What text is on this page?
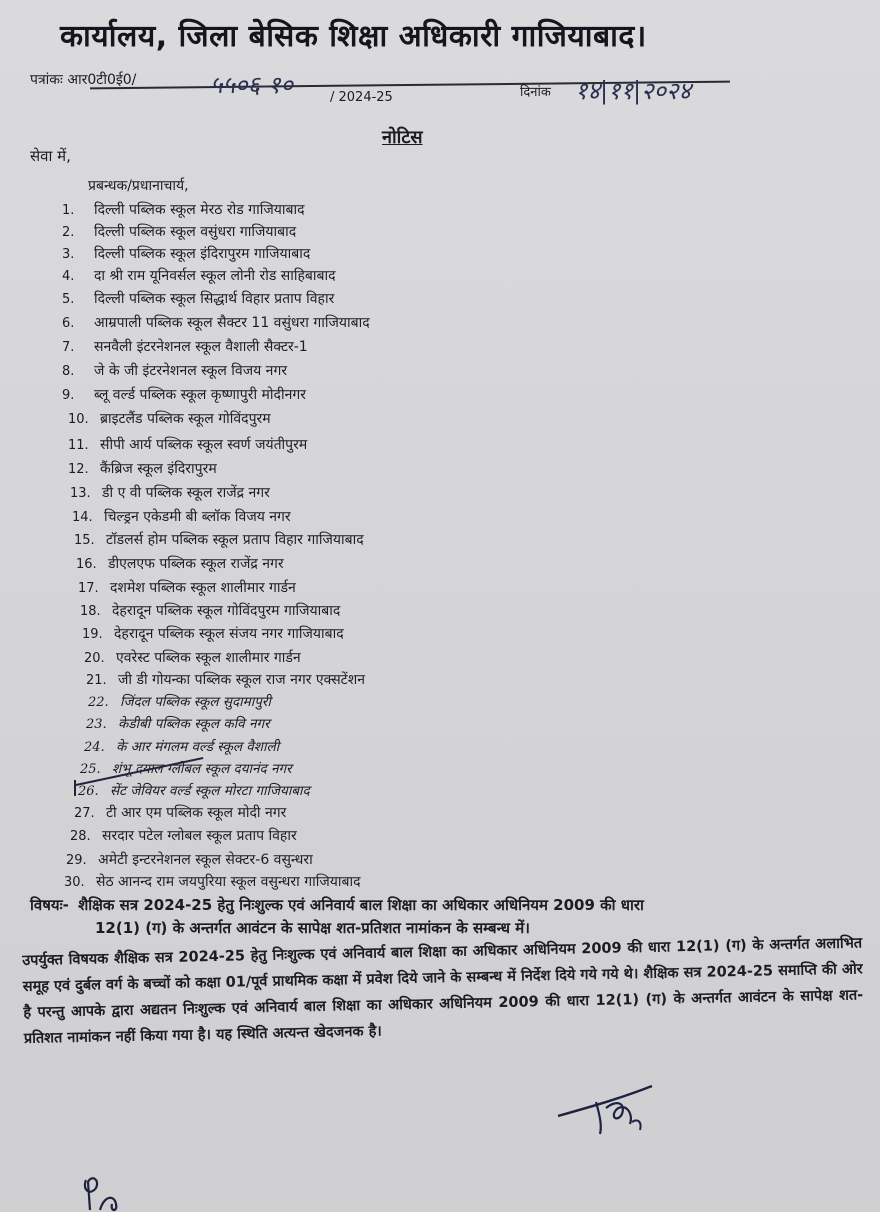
कार्यालय, जिला बेसिक शिक्षा अधिकारी गाजियाबाद।
पत्रांकः आर0टी0ई0/	५५०६-१०	/ 2024-25	दिनांक १४|११|२०२४
नोटिस
सेवा में,
प्रबन्धक/प्रधानाचार्य,
1. दिल्ली पब्लिक स्कूल मेरठ रोड गाजियाबाद
2. दिल्ली पब्लिक स्कूल वसुंधरा गाजियाबाद
3. दिल्ली पब्लिक स्कूल इंदिरापुरम गाजियाबाद
4. दा श्री राम यूनिवर्सल स्कूल लोनी रोड साहिबाबाद
5. दिल्ली पब्लिक स्कूल सिद्धार्थ विहार प्रताप विहार
6. आम्रपाली पब्लिक स्कूल सैक्टर 11 वसुंधरा गाजियाबाद
7. सनवैली इंटरनेशनल स्कूल वैशाली सैक्टर-1
8. जे के जी इंटरनेशनल स्कूल विजय नगर
9. ब्लू वर्ल्ड पब्लिक स्कूल कृष्णापुरी मोदीनगर
10. ब्राइटलैंड पब्लिक स्कूल गोविंदपुरम
11. सीपी आर्य पब्लिक स्कूल स्वर्ण जयंतीपुरम
12. कैंब्रिज स्कूल इंदिरापुरम
13. डी ए वी पब्लिक स्कूल राजेंद्र नगर
14. चिल्ड्रन एकेडमी बी ब्लॉक विजय नगर
15. टॉडलर्स होम पब्लिक स्कूल प्रताप विहार गाजियाबाद
16. डीएलएफ पब्लिक स्कूल राजेंद्र नगर
17. दशमेश पब्लिक स्कूल शालीमार गार्डन
18. देहरादून पब्लिक स्कूल गोविंदपुरम गाजियाबाद
19. देहरादून पब्लिक स्कूल संजय नगर गाजियाबाद
20. एवरेस्ट पब्लिक स्कूल शालीमार गार्डन
21. जी डी गोयन्का पब्लिक स्कूल राज नगर एक्सटेंशन
22. जिंदल पब्लिक स्कूल सुदामापुरी
23. केडीबी पब्लिक स्कूल कवि नगर
24. के आर मंगलम वर्ल्ड स्कूल वैशाली
25. शंभू दयाल ग्लोबल स्कूल दयानंद नगर
26. सेंट जेवियर वर्ल्ड स्कूल मोरटा गाजियाबाद
27. टी आर एम पब्लिक स्कूल मोदी नगर
28. सरदार पटेल ग्लोबल स्कूल प्रताप विहार
29. अमेटी इन्टरनेशनल स्कूल सेक्टर-6 वसुन्धरा
30. सेठ आनन्द राम जयपुरिया स्कूल वसुन्धरा गाजियाबाद
विषयः- शैक्षिक सत्र 2024-25 हेतु निःशुल्क एवं अनिवार्य बाल शिक्षा का अधिकार अधिनियम 2009 की धारा
12(1) (ग) के अन्तर्गत आवंटन के सापेक्ष शत-प्रतिशत नामांकन के सम्बन्ध में।
उपर्युक्त विषयक शैक्षिक सत्र 2024-25 हेतु निःशुल्क एवं अनिवार्य बाल शिक्षा का अधिकार अधिनियम 2009 की धारा 12(1) (ग) के अन्तर्गत अलाभित समूह एवं दुर्बल वर्ग के बच्चों को कक्षा 01/पूर्व प्राथमिक कक्षा में प्रवेश दिये जाने के सम्बन्ध में निर्देश दिये गये गये थे। शैक्षिक सत्र 2024-25 समाप्ति की ओर है परन्तु आपके द्वारा अद्यतन निःशुल्क एवं अनिवार्य बाल शिक्षा का अधिकार अधिनियम 2009 की धारा 12(1) (ग) के अन्तर्गत आवंटन के सापेक्ष शत-प्रतिशत नामांकन नहीं किया गया है। यह स्थिति अत्यन्त खेदजनक है।
